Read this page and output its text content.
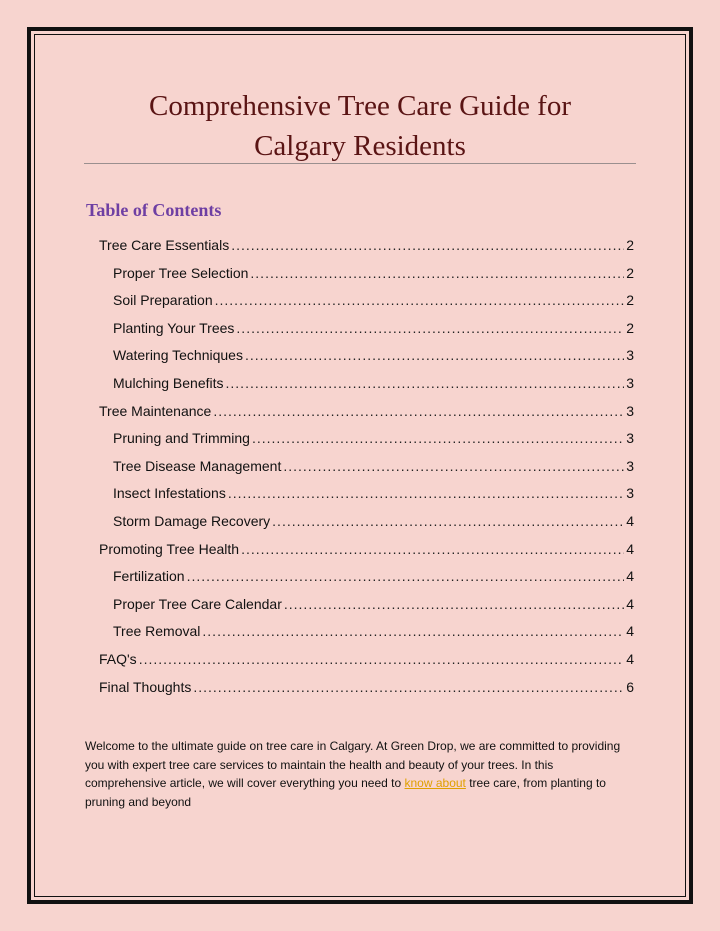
Comprehensive Tree Care Guide for
Calgary Residents
Table of Contents
Tree Care Essentials .....	2
Proper Tree Selection .....	2
Soil Preparation .....	2
Planting Your Trees .....	2
Watering Techniques .....	3
Mulching Benefits .....	3
Tree Maintenance .....	3
Pruning and Trimming .....	3
Tree Disease Management .....	3
Insect Infestations .....	3
Storm Damage Recovery .....	4
Promoting Tree Health .....	4
Fertilization .....	4
Proper Tree Care Calendar .....	4
Tree Removal .....	4
FAQ's .....	4
Final Thoughts .....	6
Welcome to the ultimate guide on tree care in Calgary. At Green Drop, we are committed to providing you with expert tree care services to maintain the health and beauty of your trees. In this comprehensive article, we will cover everything you need to know about tree care, from planting to pruning and beyond
